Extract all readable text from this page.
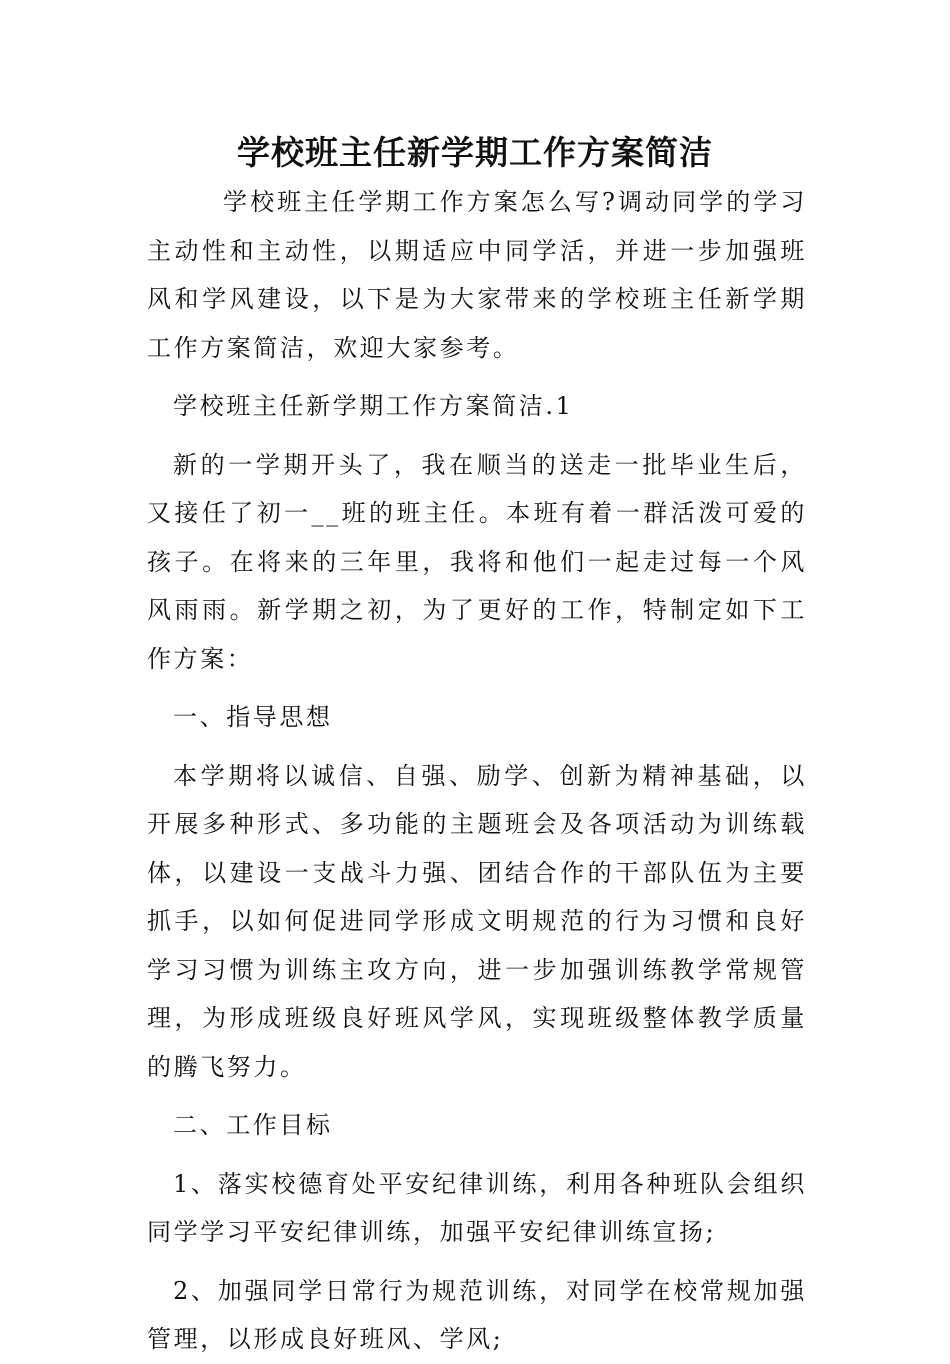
学校班主任新学期工作方案简洁

学校班主任学期工作方案怎么写?调动同学的学习主动性和主动性，以期适应中同学活，并进一步加强班风和学风建设，以下是为大家带来的学校班主任新学期工作方案简洁，欢迎大家参考。

学校班主任新学期工作方案简洁.1

新的一学期开头了，我在顺当的送走一批毕业生后，又接任了初一__班的班主任。本班有着一群活泼可爱的孩子。在将来的三年里，我将和他们一起走过每一个风风雨雨。新学期之初，为了更好的工作，特制定如下工作方案：

一、指导思想

本学期将以诚信、自强、励学、创新为精神基础，以开展多种形式、多功能的主题班会及各项活动为训练载体，以建设一支战斗力强、团结合作的干部队伍为主要抓手，以如何促进同学形成文明规范的行为习惯和良好学习习惯为训练主攻方向，进一步加强训练教学常规管理，为形成班级良好班风学风，实现班级整体教学质量的腾飞努力。

二、工作目标

1、落实校德育处平安纪律训练，利用各种班队会组织同学学习平安纪律训练，加强平安纪律训练宣扬;

2、加强同学日常行为规范训练，对同学在校常规加强管理，以形成良好班风、学风;
